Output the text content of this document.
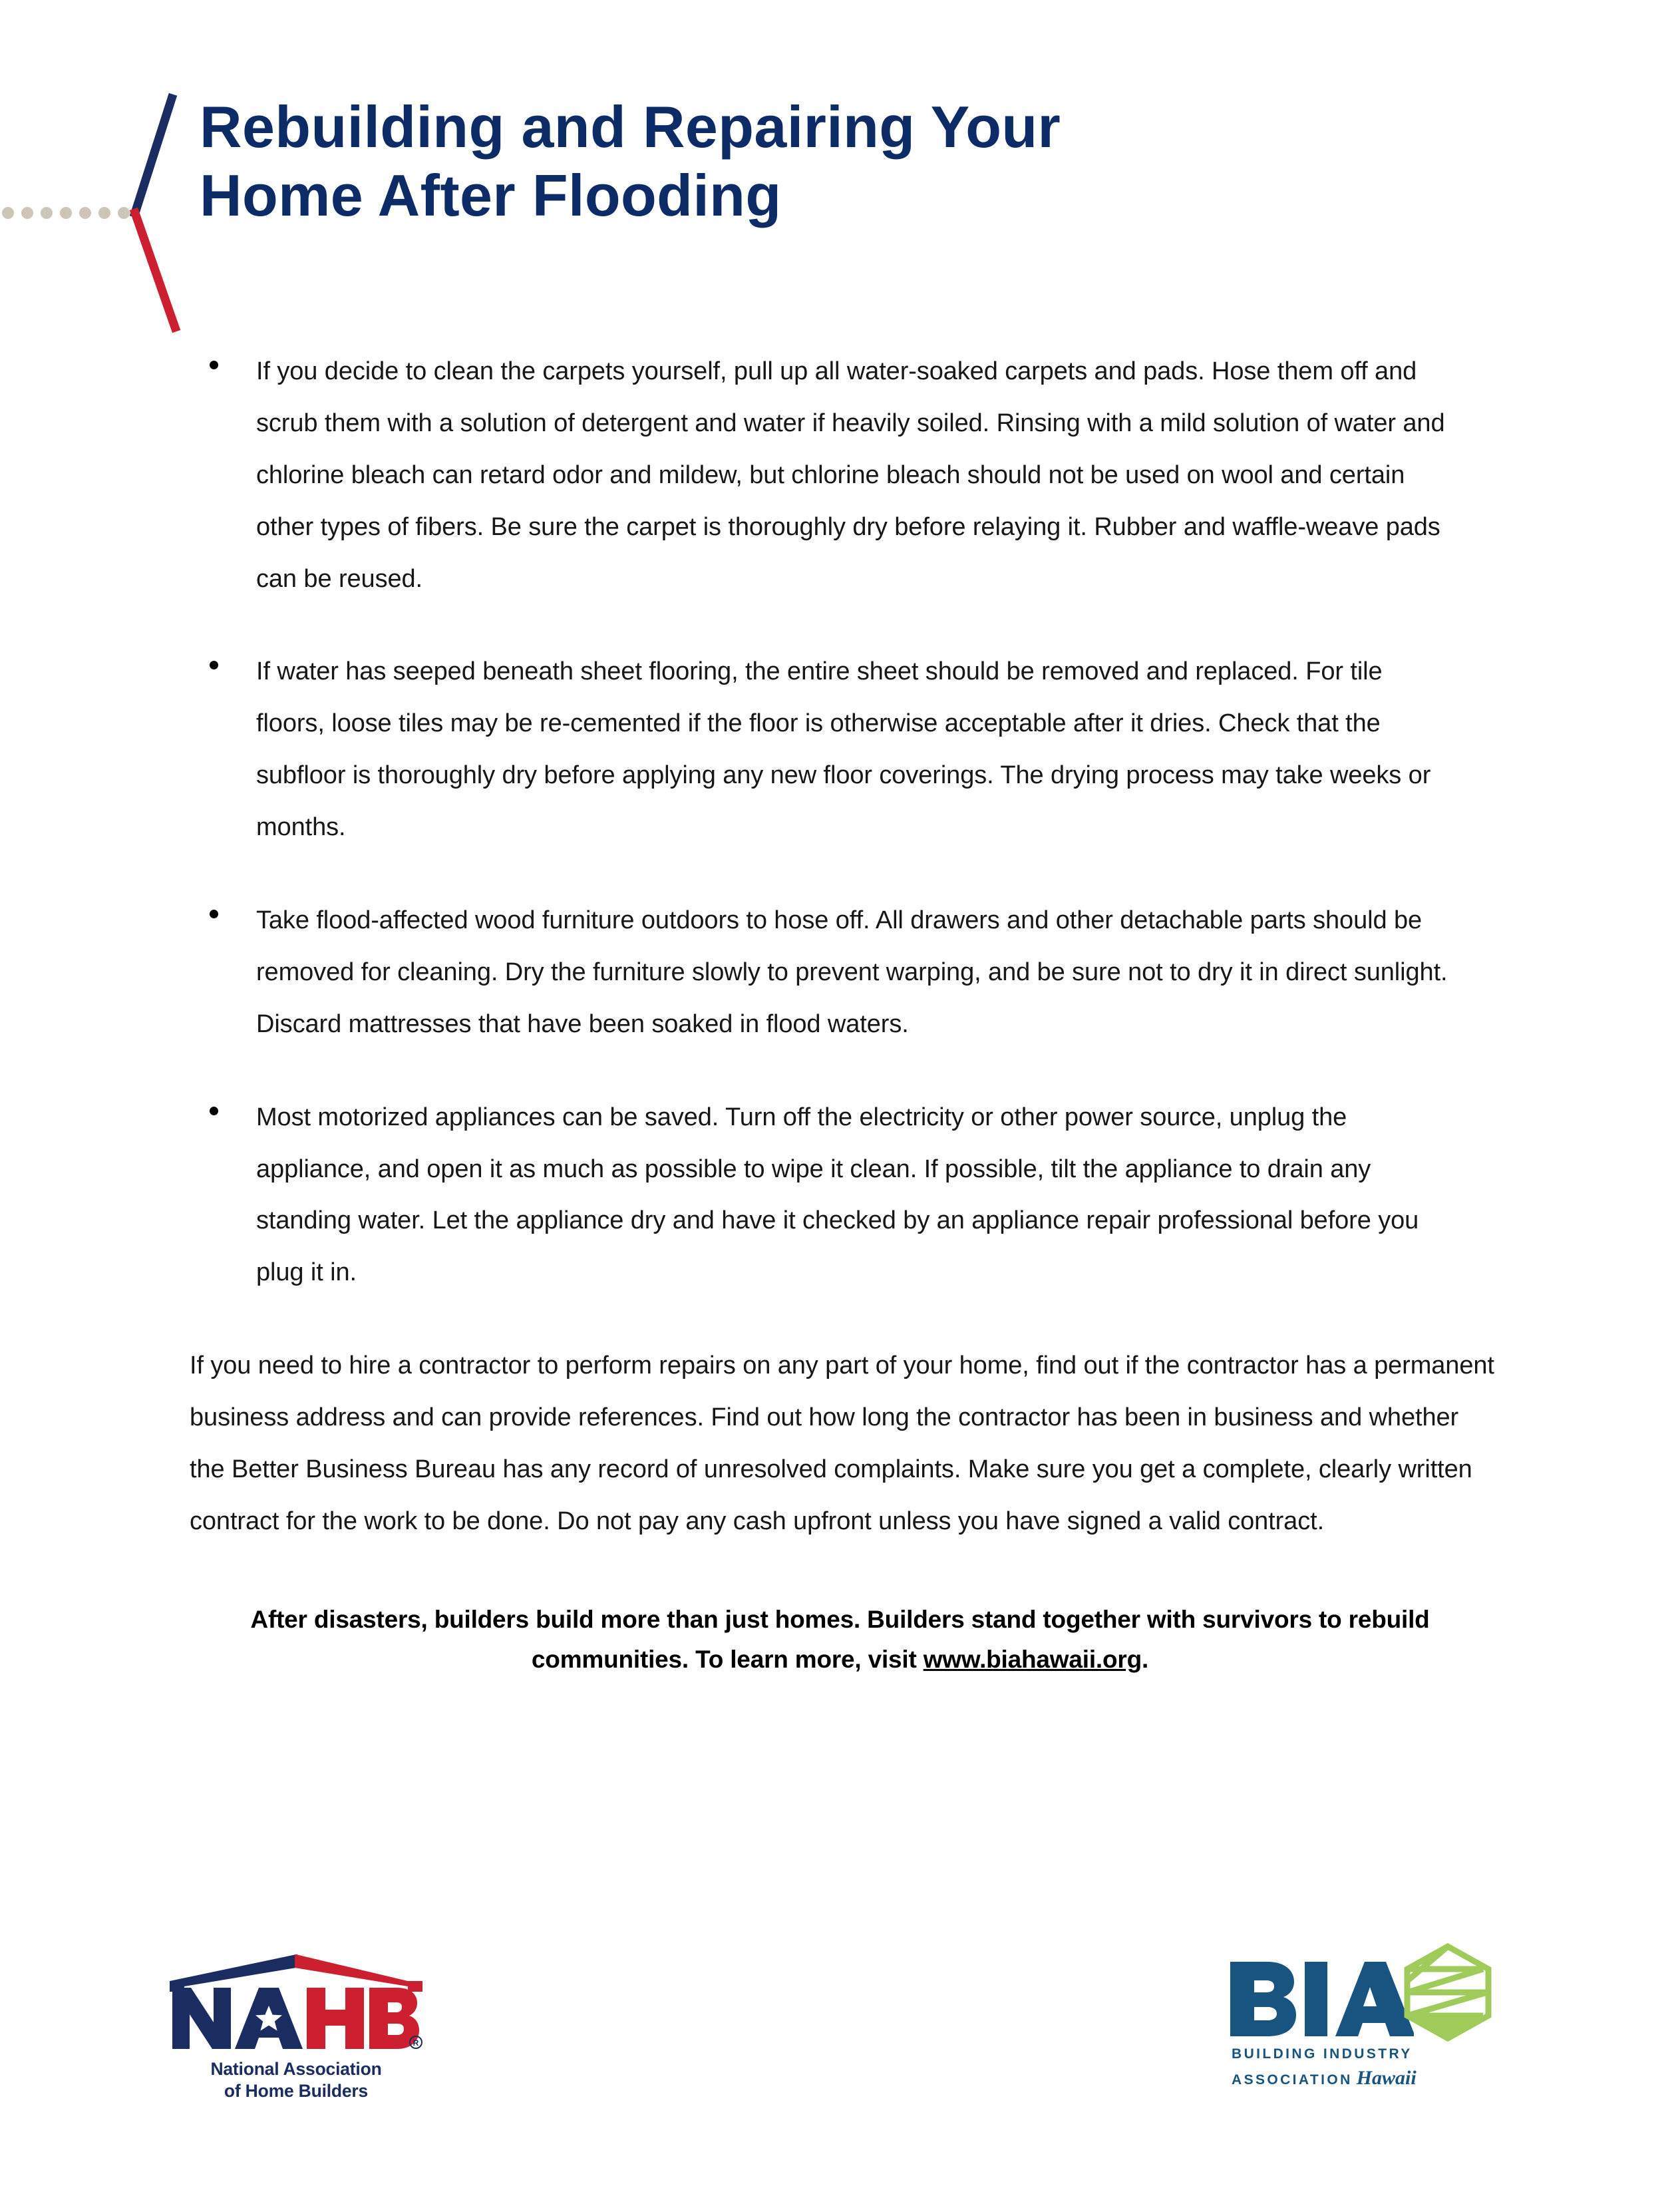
Rebuilding and Repairing Your
Home After Flooding
If you decide to clean the carpets yourself, pull up all water-soaked carpets and pads. Hose them off and scrub them with a solution of detergent and water if heavily soiled. Rinsing with a mild solution of water and chlorine bleach can retard odor and mildew, but chlorine bleach should not be used on wool and certain other types of fibers. Be sure the carpet is thoroughly dry before relaying it. Rubber and waffle-weave pads can be reused.
If water has seeped beneath sheet flooring, the entire sheet should be removed and replaced. For tile floors, loose tiles may be re-cemented if the floor is otherwise acceptable after it dries. Check that the subfloor is thoroughly dry before applying any new floor coverings. The drying process may take weeks or months.
Take flood-affected wood furniture outdoors to hose off. All drawers and other detachable parts should be removed for cleaning. Dry the furniture slowly to prevent warping, and be sure not to dry it in direct sunlight. Discard mattresses that have been soaked in flood waters.
Most motorized appliances can be saved. Turn off the electricity or other power source, unplug the appliance, and open it as much as possible to wipe it clean. If possible, tilt the appliance to drain any standing water. Let the appliance dry and have it checked by an appliance repair professional before you plug it in.
If you need to hire a contractor to perform repairs on any part of your home, find out if the contractor has a permanent business address and can provide references. Find out how long the contractor has been in business and whether the Better Business Bureau has any record of unresolved complaints. Make sure you get a complete, clearly written contract for the work to be done. Do not pay any cash upfront unless you have signed a valid contract.
After disasters, builders build more than just homes. Builders stand together with survivors to rebuild communities. To learn more, visit www.biahawaii.org.
R
National Association
of Home Builders
BUILDING INDUSTRY
ASSOCIATION Hawaii
